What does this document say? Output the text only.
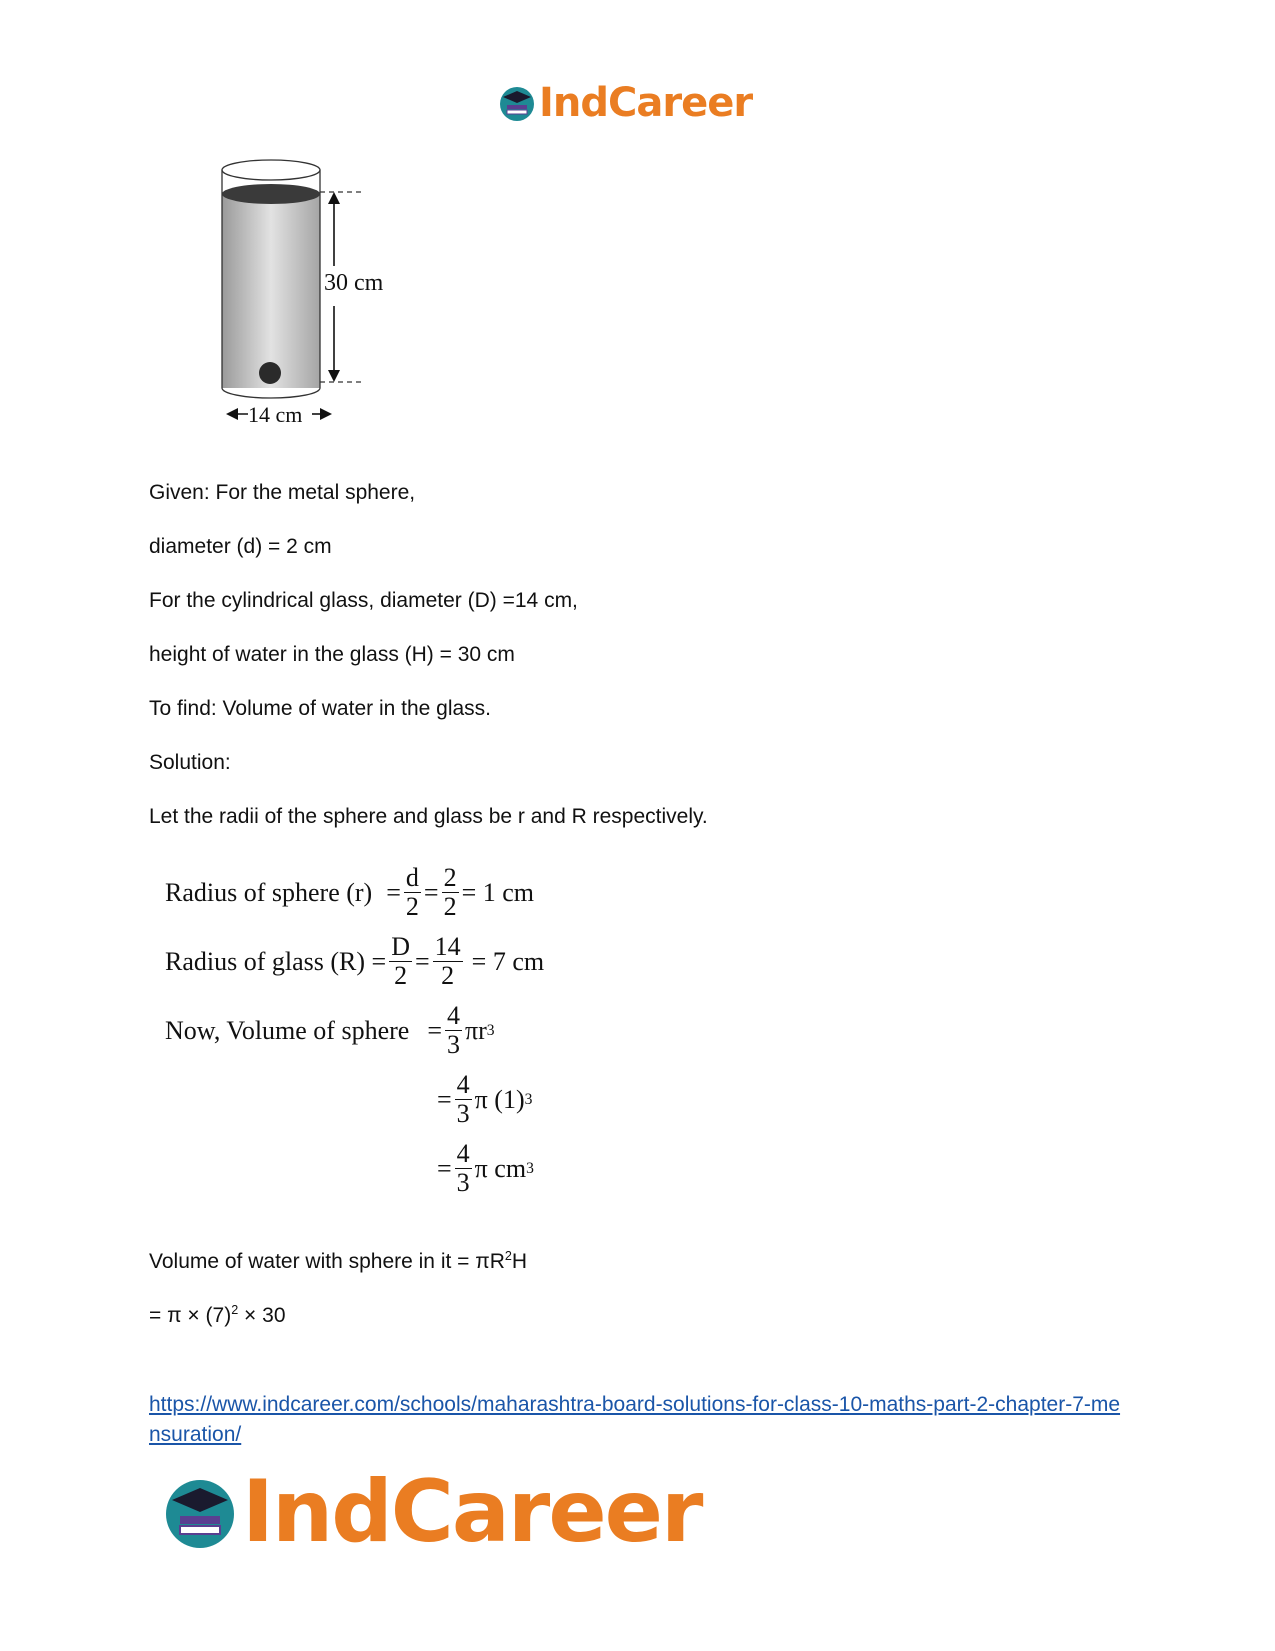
IndCareer
30 cm
14 cm
Given: For the metal sphere,
diameter (d) = 2 cm
For the cylindrical glass, diameter (D) =14 cm,
height of water in the glass (H) = 30 cm
To find: Volume of water in the glass.
Solution:
Let the radii of the sphere and glass be r and R respectively.
Radius of sphere $(r) = \frac{d}{2} = \frac{2}{2} = 1$ cm
Radius of glass $(R) = \frac{D}{2} = \frac{14}{2} = 7$ cm
Now, Volume of sphere = $\frac{4}{3}$ πr 3
= $\frac{4}{3}$ π (1) 3
= $\frac{4}{3}$ π cm 3
Volume of water with sphere in it = $\pi R^2H$
= $\pi \times (7)^2 \times 30$
https://www.indcareer.com/schools/maharashtra-board-solutions-for-class-10-maths-part-2-chapter-7-mensuration/
IndCareer
